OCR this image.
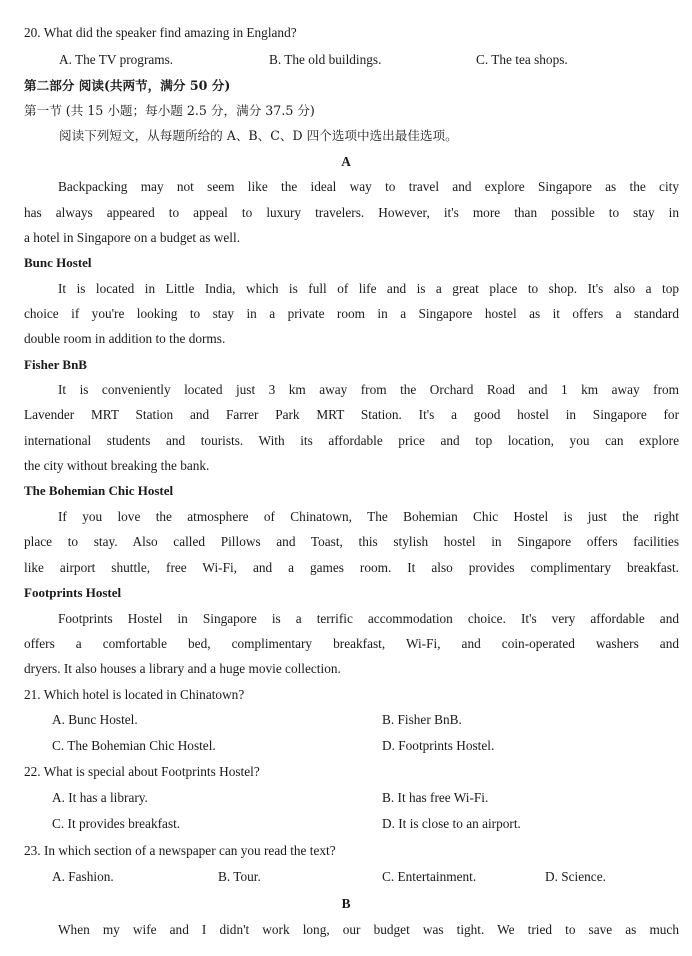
20. What did the speaker find amazing in England?
A. The TV programs.	B. The old buildings.	C. The tea shops.
第二部分 阅读(共两节，满分 50 分)
第一节 (共 15 小题；每小题 2.5 分，满分 37.5 分)
阅读下列短文，从每题所给的 A、B、C、D 四个选项中选出最佳选项。
A
Backpacking may not seem like the ideal way to travel and explore Singapore as the city
has always appeared to appeal to luxury travelers. However, it's more than possible to stay in
a hotel in Singapore on a budget as well.
Bunc Hostel
It is located in Little India, which is full of life and is a great place to shop. It's also a top
choice if you're looking to stay in a private room in a Singapore hostel as it offers a standard
double room in addition to the dorms.
Fisher BnB
It is conveniently located just 3 km away from the Orchard Road and 1 km away from
Lavender MRT Station and Farrer Park MRT Station. It's a good hostel in Singapore for
international students and tourists. With its affordable price and top location, you can explore
the city without breaking the bank.
The Bohemian Chic Hostel
If you love the atmosphere of Chinatown, The Bohemian Chic Hostel is just the right
place to stay. Also called Pillows and Toast, this stylish hostel in Singapore offers facilities
like airport shuttle, free Wi-Fi, and a games room. It also provides complimentary breakfast.
Footprints Hostel
Footprints Hostel in Singapore is a terrific accommodation choice. It's very affordable and
offers a comfortable bed, complimentary breakfast, Wi-Fi, and coin-operated washers and
dryers. It also houses a library and a huge movie collection.
21. Which hotel is located in Chinatown?
A. Bunc Hostel.	B. Fisher BnB.
C. The Bohemian Chic Hostel.	D. Footprints Hostel.
22. What is special about Footprints Hostel?
A. It has a library.	B. It has free Wi-Fi.
C. It provides breakfast.	D. It is close to an airport.
23. In which section of a newspaper can you read the text?
A. Fashion.	B. Tour.	C. Entertainment.	D. Science.
B
When my wife and I didn't work long, our budget was tight. We tried to save as much
